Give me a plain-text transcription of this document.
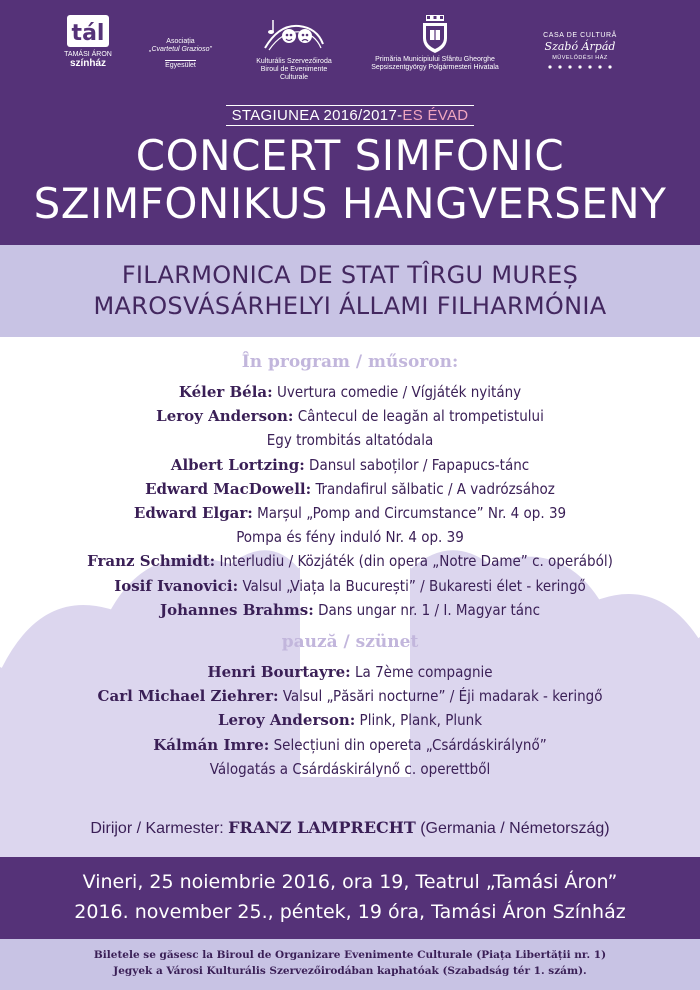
tál
TAMÁSI ÁRON
színház
Asociația
„Cvartetul Grazioso”
Egyesület
Kulturális Szervezőiroda
Biroul de Evenimente Culturale
Primăria Municipiului Sfântu Gheorghe
Sepsiszentgyörgy Polgármesteri Hivatala
CASA DE CULTURĂ
Szabó Árpád
MŰVELŐDÉSI HÁZ
STAGIUNEA 2016/2017-ES ÉVAD
CONCERT SIMFONIC
SZIMFONIKUS HANGVERSENY
FILARMONICA DE STAT TÎRGU MUREȘ
MAROSVÁSÁRHELYI ÁLLAMI FILHARMÓNIA
În program / műsoron:
Kéler Béla: Uvertura comedie / Vígjáték nyitány
Leroy Anderson: Cântecul de leagăn al trompetistului
Egy trombitás altatódala
Albert Lortzing: Dansul saboților / Fapapucs-tánc
Edward MacDowell: Trandafirul sălbatic / A vadrózsához
Edward Elgar: Marșul „Pomp and Circumstance” Nr. 4 op. 39
Pompa és fény induló Nr. 4 op. 39
Franz Schmidt: Interludiu / Közjáték (din opera „Notre Dame” c. operából)
Iosif Ivanovici: Valsul „Viața la București” / Bukaresti élet - keringő
Johannes Brahms: Dans ungar nr. 1 / I. Magyar tánc
pauză / szünet
Henri Bourtayre: La 7ème compagnie
Carl Michael Ziehrer: Valsul „Păsări nocturne” / Éji madarak - keringő
Leroy Anderson: Plink, Plank, Plunk
Kálmán Imre: Selecțiuni din opereta „Csárdáskirálynő”
Válogatás a Csárdáskirálynő c. operettből
Dirijor / Karmester: FRANZ LAMPRECHT (Germania / Németország)
Vineri, 25 noiembrie 2016, ora 19, Teatrul „Tamási Áron”
2016. november 25., péntek, 19 óra, Tamási Áron Színház
Biletele se găsesc la Biroul de Organizare Evenimente Culturale (Piața Libertății nr. 1)
Jegyek a Városi Kulturális Szervezőirodában kaphatóak (Szabadság tér 1. szám).
